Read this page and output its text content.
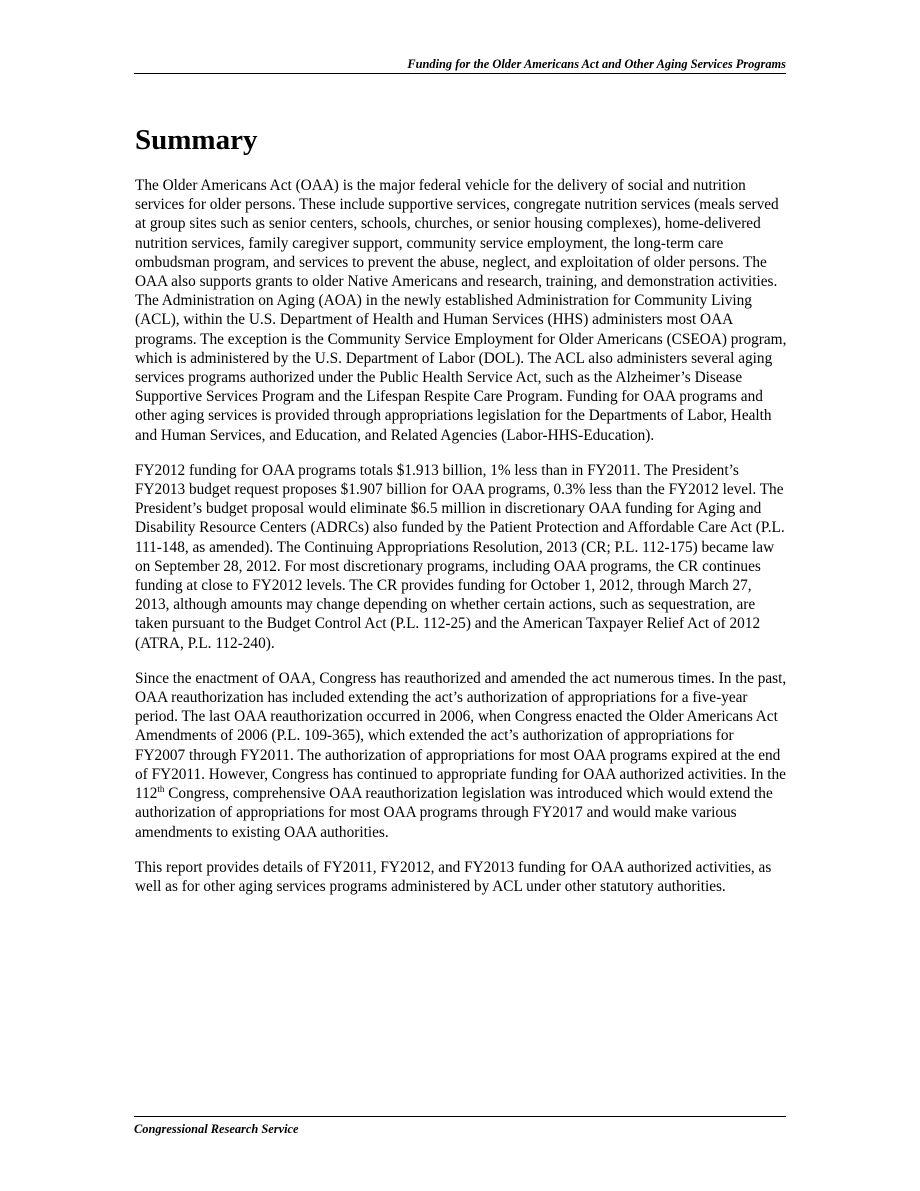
Funding for the Older Americans Act and Other Aging Services Programs
Summary

The Older Americans Act (OAA) is the major federal vehicle for the delivery of social and nutrition services for older persons. These include supportive services, congregate nutrition services (meals served at group sites such as senior centers, schools, churches, or senior housing complexes), home-delivered nutrition services, family caregiver support, community service employment, the long-term care ombudsman program, and services to prevent the abuse, neglect, and exploitation of older persons. The OAA also supports grants to older Native Americans and research, training, and demonstration activities. The Administration on Aging (AOA) in the newly established Administration for Community Living (ACL), within the U.S. Department of Health and Human Services (HHS) administers most OAA programs. The exception is the Community Service Employment for Older Americans (CSEOA) program, which is administered by the U.S. Department of Labor (DOL). The ACL also administers several aging services programs authorized under the Public Health Service Act, such as the Alzheimer’s Disease Supportive Services Program and the Lifespan Respite Care Program. Funding for OAA programs and other aging services is provided through appropriations legislation for the Departments of Labor, Health and Human Services, and Education, and Related Agencies (Labor-HHS-Education).

FY2012 funding for OAA programs totals $1.913 billion, 1% less than in FY2011. The President’s FY2013 budget request proposes $1.907 billion for OAA programs, 0.3% less than the FY2012 level. The President’s budget proposal would eliminate $6.5 million in discretionary OAA funding for Aging and Disability Resource Centers (ADRCs) also funded by the Patient Protection and Affordable Care Act (P.L. 111-148, as amended). The Continuing Appropriations Resolution, 2013 (CR; P.L. 112-175) became law on September 28, 2012. For most discretionary programs, including OAA programs, the CR continues funding at close to FY2012 levels. The CR provides funding for October 1, 2012, through March 27, 2013, although amounts may change depending on whether certain actions, such as sequestration, are taken pursuant to the Budget Control Act (P.L. 112-25) and the American Taxpayer Relief Act of 2012 (ATRA, P.L. 112-240).

Since the enactment of OAA, Congress has reauthorized and amended the act numerous times. In the past, OAA reauthorization has included extending the act’s authorization of appropriations for a five-year period. The last OAA reauthorization occurred in 2006, when Congress enacted the Older Americans Act Amendments of 2006 (P.L. 109-365), which extended the act’s authorization of appropriations for FY2007 through FY2011. The authorization of appropriations for most OAA programs expired at the end of FY2011. However, Congress has continued to appropriate funding for OAA authorized activities. In the 112th Congress, comprehensive OAA reauthorization legislation was introduced which would extend the authorization of appropriations for most OAA programs through FY2017 and would make various amendments to existing OAA authorities.

This report provides details of FY2011, FY2012, and FY2013 funding for OAA authorized activities, as well as for other aging services programs administered by ACL under other statutory authorities.

Congressional Research Service
